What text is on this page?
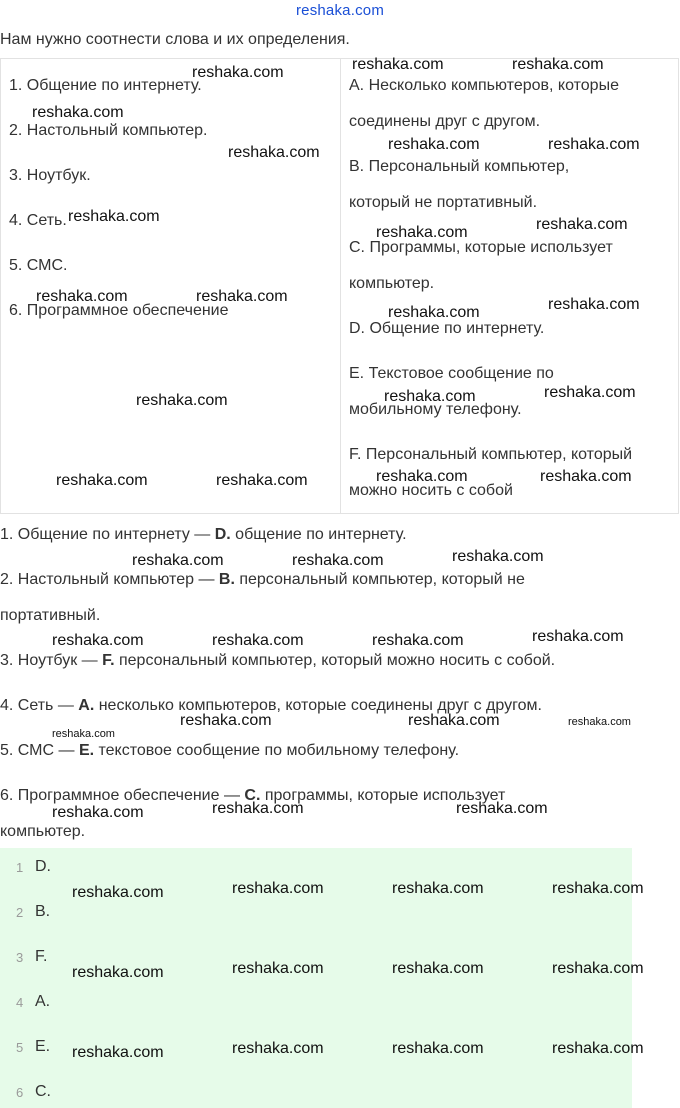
reshaka.com
Нам нужно соотнести слова и их определения.
1. Общение по интернету.
2. Настольный компьютер.
3. Ноутбук.
4. Сеть.
5. СМС.
6. Программное обеспечение
A. Несколько компьютеров, которые
соединены друг с другом.
B. Персональный компьютер,
который не портативный.
C. Программы, которые использует
компьютер.
D. Общение по интернету.
E. Текстовое сообщение по
мобильному телефону.
F. Персональный компьютер, который
можно носить с собой
1. Общение по интернету — D. общение по интернету.
2. Настольный компьютер — B. персональный компьютер, который не
портативный.
3. Ноутбук — F. персональный компьютер, который можно носить с собой.
4. Сеть — A. несколько компьютеров, которые соединены друг с другом.
5. СМС — E. текстовое сообщение по мобильному телефону.
6. Программное обеспечение — C. программы, которые использует
компьютер.
1 D.
2 B.
3 F.
4 A.
5 E.
6 C.
reshaka.com	reshaka.com	reshaka.com
reshaka.com
reshaka.com	reshaka.com
reshaka.com
reshaka.com	reshaka.com
reshaka.com
reshaka.com	reshaka.com	reshaka.com
reshaka.com
reshaka.com
reshaka.com
reshaka.com
reshaka.com	reshaka.com	reshaka.com	reshaka.com
reshaka.com	reshaka.com	reshaka.com
reshaka.com	reshaka.com	reshaka.com	reshaka.com
reshaka.com
reshaka.com	reshaka.com	reshaka.com
reshaka.com	reshaka.com
reshaka.com
reshaka.com	reshaka.com	reshaka.com	reshaka.com
reshaka.com	reshaka.com	reshaka.com	reshaka.com
reshaka.com	reshaka.com	reshaka.com	reshaka.com
